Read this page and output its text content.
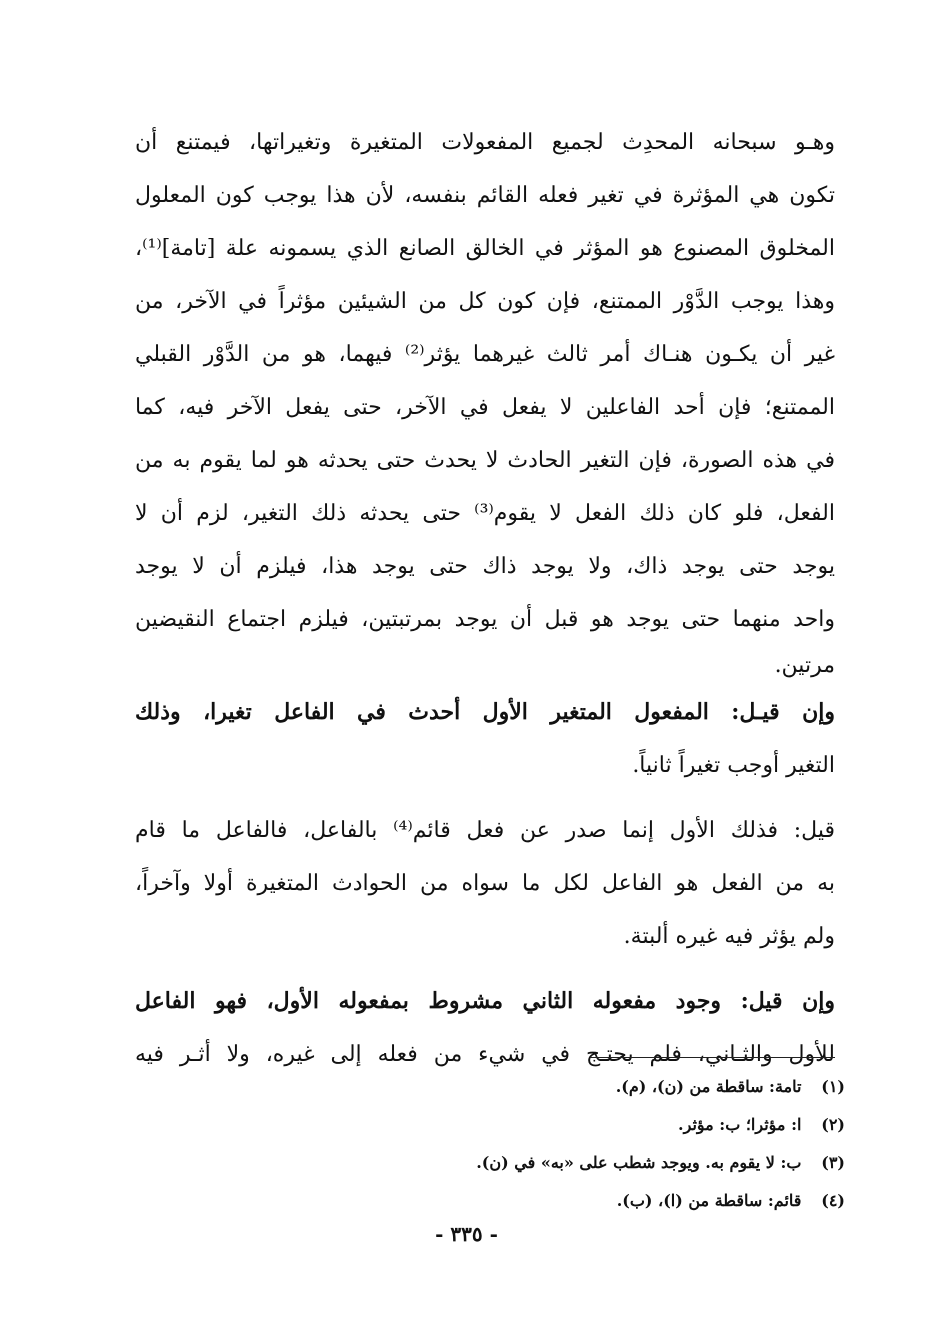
وهـو سبحانه المحدِث لجميع المفعولات المتغيرة وتغيراتها، فيمتنع أن
تكون هي المؤثرة في تغير فعله القائم بنفسه، لأن هذا يوجب كون المعلول
المخلوق المصنوع هو المؤثر في الخالق الصانع الذي يسمونه علة [تامة]⁽¹⁾،
وهذا يوجب الدَّوْر الممتنع، فإن كون كل من الشيئين مؤثراً في الآخر، من
غير أن يكـون هنـاك أمر ثالث غيرهما يؤثر⁽²⁾ فيهما، هو من الدَّوْر القبلي
الممتنع؛ فإن أحد الفاعلين لا يفعل في الآخر، حتى يفعل الآخر فيه، كما
في هذه الصورة، فإن التغير الحادث لا يحدث حتى يحدثه هو لما يقوم به من
الفعل، فلو كان ذلك الفعل لا يقوم⁽³⁾ حتى يحدثه ذلك التغير، لزم أن لا
يوجد حتى يوجد ذاك، ولا يوجد ذاك حتى يوجد هذا، فيلزم أن لا يوجد
واحد منهما حتى يوجد هو قبل أن يوجد بمرتبتين، فيلزم اجتماع النقيضين
مرتين.
وإن قيـل: المفعول المتغير الأول أحدث في الفاعل تغيرا، وذلك
التغير أوجب تغيراً ثانياً.
قيل: فذلك الأول إنما صدر عن فعل قائم⁽⁴⁾ بالفاعل، فالفاعل ما قام
به من الفعل هو الفاعل لكل ما سواه من الحوادث المتغيرة أولا وآخراً،
ولم يؤثر فيه غيره ألبتة.
وإن قيل: وجود مفعوله الثاني مشروط بمفعوله الأول، فهو الفاعل
للأول والثـاني، فلم يحتـج في شيء من فعله إلى غيره، ولا أثـر فيه
(١) تامة: ساقطة من (ن)، (م).
(٢) ا: مؤثرا؛ ب: مؤثر.
(٣) ب: لا يقوم به. ويوجد شطب على «به» في (ن).
(٤) قائم: ساقطة من (ا)، (ب).
- ٣٣٥ -
